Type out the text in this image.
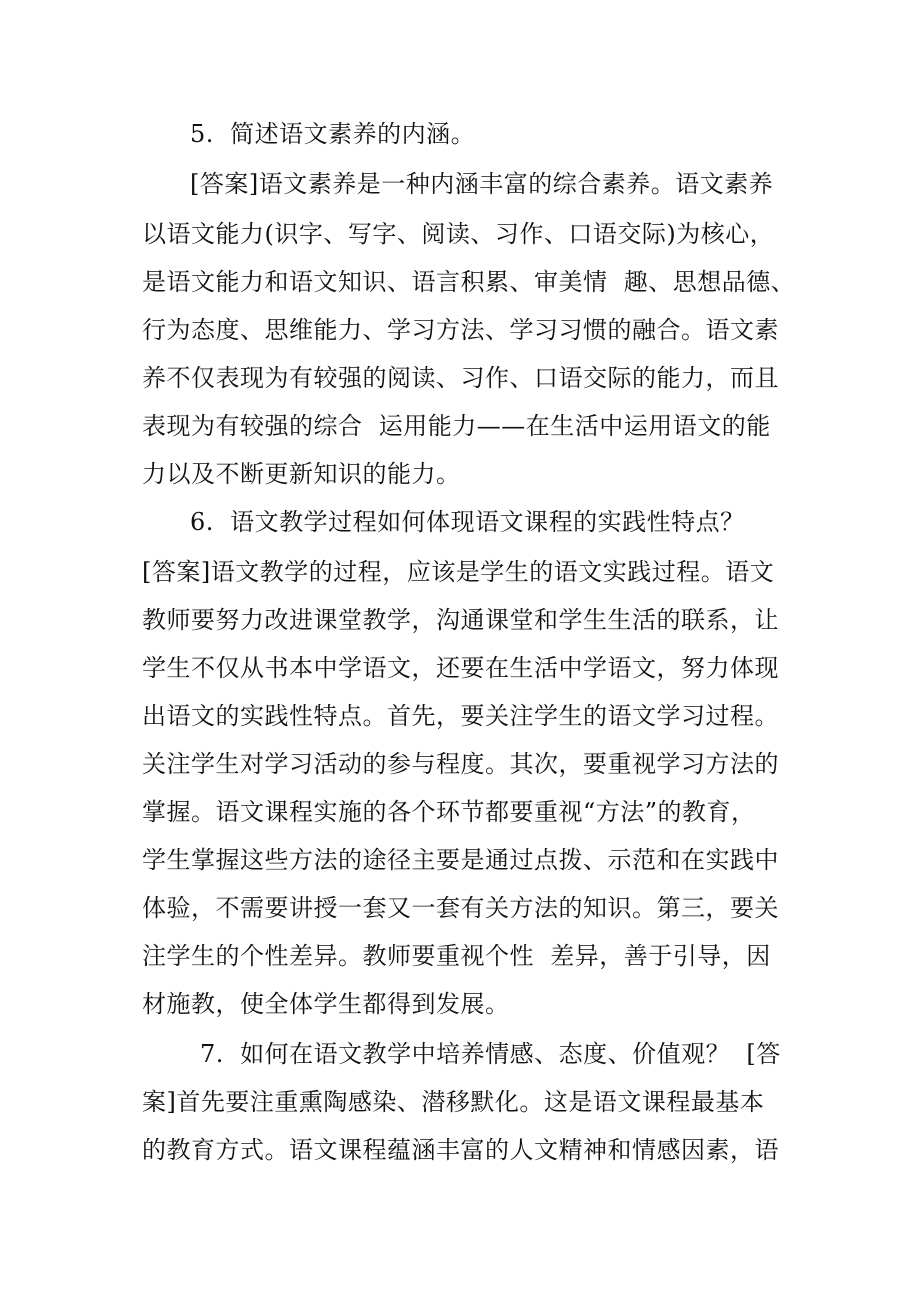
5.  简述语文素养的内涵。
[答案]语文素养是一种内涵丰富的综合素养。语文素养
以语文能力(识字、写字、阅读、习作、口语交际)为核心，
是语文能力和语文知识、语言积累、审美情  趣、思想品德、
行为态度、思维能力、学习方法、学习习惯的融合。语文素
养不仅表现为有较强的阅读、习作、口语交际的能力，而且
表现为有较强的综合  运用能力——在生活中运用语文的能
力以及不断更新知识的能力。
6.  语文教学过程如何体现语文课程的实践性特点？
[答案]语文教学的过程，应该是学生的语文实践过程。语文
教师要努力改进课堂教学，沟通课堂和学生生活的联系，让
学生不仅从书本中学语文，还要在生活中学语文，努力体现
出语文的实践性特点。首先，要关注学生的语文学习过程。
关注学生对学习活动的参与程度。其次，要重视学习方法的
掌握。语文课程实施的各个环节都要重视“方法”的教育，
学生掌握这些方法的途径主要是通过点拨、示范和在实践中
体验，不需要讲授一套又一套有关方法的知识。第三，要关
注学生的个性差异。教师要重视个性  差异，善于引导，因
材施教，使全体学生都得到发展。
7.  如何在语文教学中培养情感、态度、价值观？  [答
案]首先要注重熏陶感染、潜移默化。这是语文课程最基本
的教育方式。语文课程蕴涵丰富的人文精神和情感因素，语
